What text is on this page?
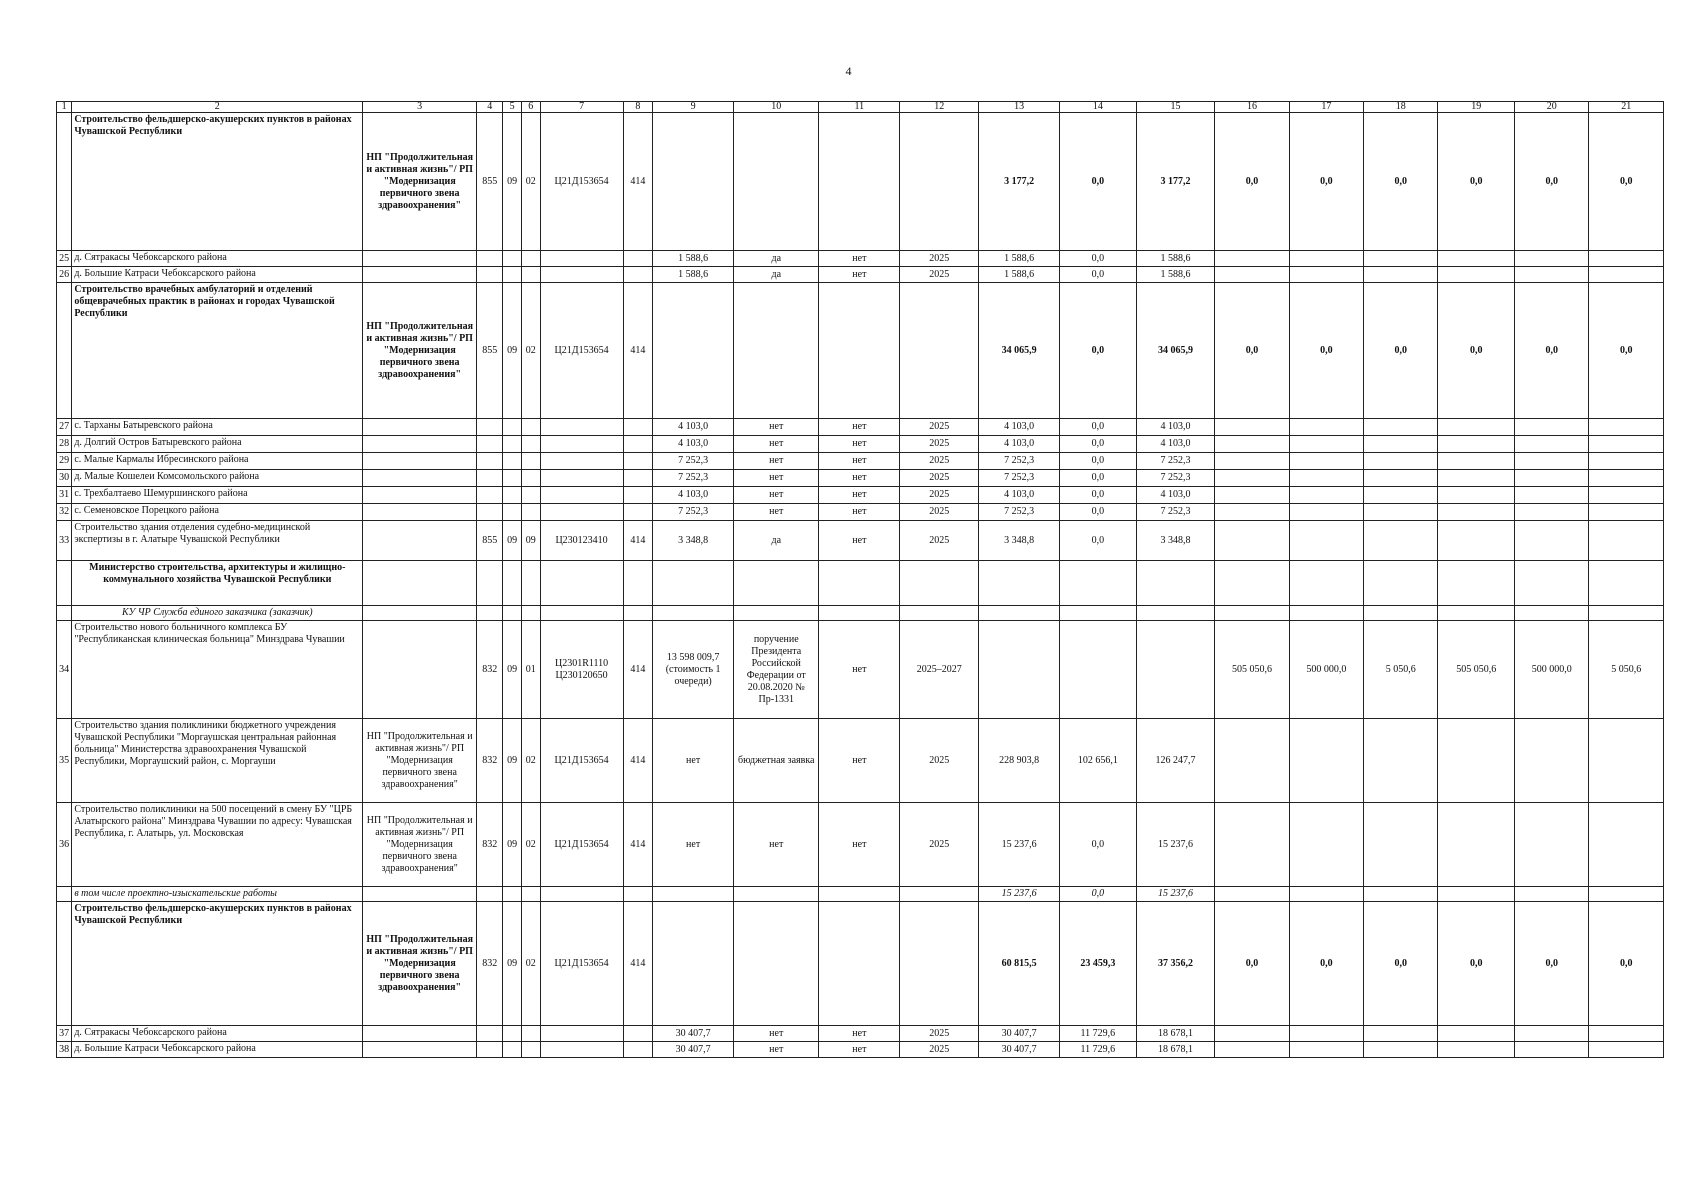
4
1	2	3	4	5	6	7	8	9	10	11	12	13	14	15	16	17	18	19	20	21
	Строительство фельдшерско-акушерских пунктов в районах Чувашской Республики	НП "Продолжительная и активная жизнь"/ РП "Модернизация первичного звена здравоохранения"	855	09	02	Ц21Д153654	414					3 177,2	0,0	3 177,2	0,0	0,0	0,0	0,0	0,0	0,0
25	д. Сятракасы Чебоксарского района							1 588,6	да	нет	2025	1 588,6	0,0	1 588,6						
26	д. Большие Катраси Чебоксарского района							1 588,6	да	нет	2025	1 588,6	0,0	1 588,6						
	Строительство врачебных амбулаторий и отделений общеврачебных практик в районах и городах Чувашской Республики	НП "Продолжительная и активная жизнь"/ РП "Модернизация первичного звена здравоохранения"	855	09	02	Ц21Д153654	414					34 065,9	0,0	34 065,9	0,0	0,0	0,0	0,0	0,0	0,0
27	с. Тарханы Батыревского района							4 103,0	нет	нет	2025	4 103,0	0,0	4 103,0						
28	д. Долгий Остров Батыревского района							4 103,0	нет	нет	2025	4 103,0	0,0	4 103,0						
29	с. Малые Кармалы Ибресинского района							7 252,3	нет	нет	2025	7 252,3	0,0	7 252,3						
30	д. Малые Кошелеи Комсомольского района							7 252,3	нет	нет	2025	7 252,3	0,0	7 252,3						
31	с. Трехбалтаево Шемуршинского района							4 103,0	нет	нет	2025	4 103,0	0,0	4 103,0						
32	с. Семеновское Порецкого района							7 252,3	нет	нет	2025	7 252,3	0,0	7 252,3						
33	Строительство здания отделения судебно-медицинской экспертизы в г. Алатыре Чувашской Республики		855	09	09	Ц230123410	414	3 348,8	да	нет	2025	3 348,8	0,0	3 348,8						
	Министерство строительства, архитектуры и жилищно-коммунального хозяйства Чувашской Республики																			
	КУ ЧР Служба единого заказчика (заказчик)																			
34	Строительство нового больничного комплекса БУ "Республиканская клиническая больница" Минздрава Чувашии		832	09	01	Ц2301R1110 Ц230120650	414	13 598 009,7 (стоимость 1 очереди)	поручение Президента Российской Федерации от 20.08.2020 № Пр-1331	нет	2025–2027				505 050,6	500 000,0	5 050,6	505 050,6	500 000,0	5 050,6
35	Строительство здания поликлиники бюджетного учреждения Чувашской Республики "Моргаушская центральная районная больница" Министерства здравоохранения Чувашской Республики, Моргаушский район, с. Моргауши	НП "Продолжительная и активная жизнь"/ РП "Модернизация первичного звена здравоохранения"	832	09	02	Ц21Д153654	414	нет	бюджетная заявка	нет	2025	228 903,8	102 656,1	126 247,7						
36	Строительство поликлиники на 500 посещений в смену БУ "ЦРБ Алатырского района" Минздрава Чувашии по адресу: Чувашская Республика, г. Алатырь, ул. Московская	НП "Продолжительная и активная жизнь"/ РП "Модернизация первичного звена здравоохранения"	832	09	02	Ц21Д153654	414	нет	нет	нет	2025	15 237,6	0,0	15 237,6						
	в том числе проектно-изыскательские работы											15 237,6	0,0	15 237,6						
	Строительство фельдшерско-акушерских пунктов в районах Чувашской Республики	НП "Продолжительная и активная жизнь"/ РП "Модернизация первичного звена здравоохранения"	832	09	02	Ц21Д153654	414					60 815,5	23 459,3	37 356,2	0,0	0,0	0,0	0,0	0,0	0,0
37	д. Сятракасы Чебоксарского района							30 407,7	нет	нет	2025	30 407,7	11 729,6	18 678,1						
38	д. Большие Катраси Чебоксарского района							30 407,7	нет	нет	2025	30 407,7	11 729,6	18 678,1						
